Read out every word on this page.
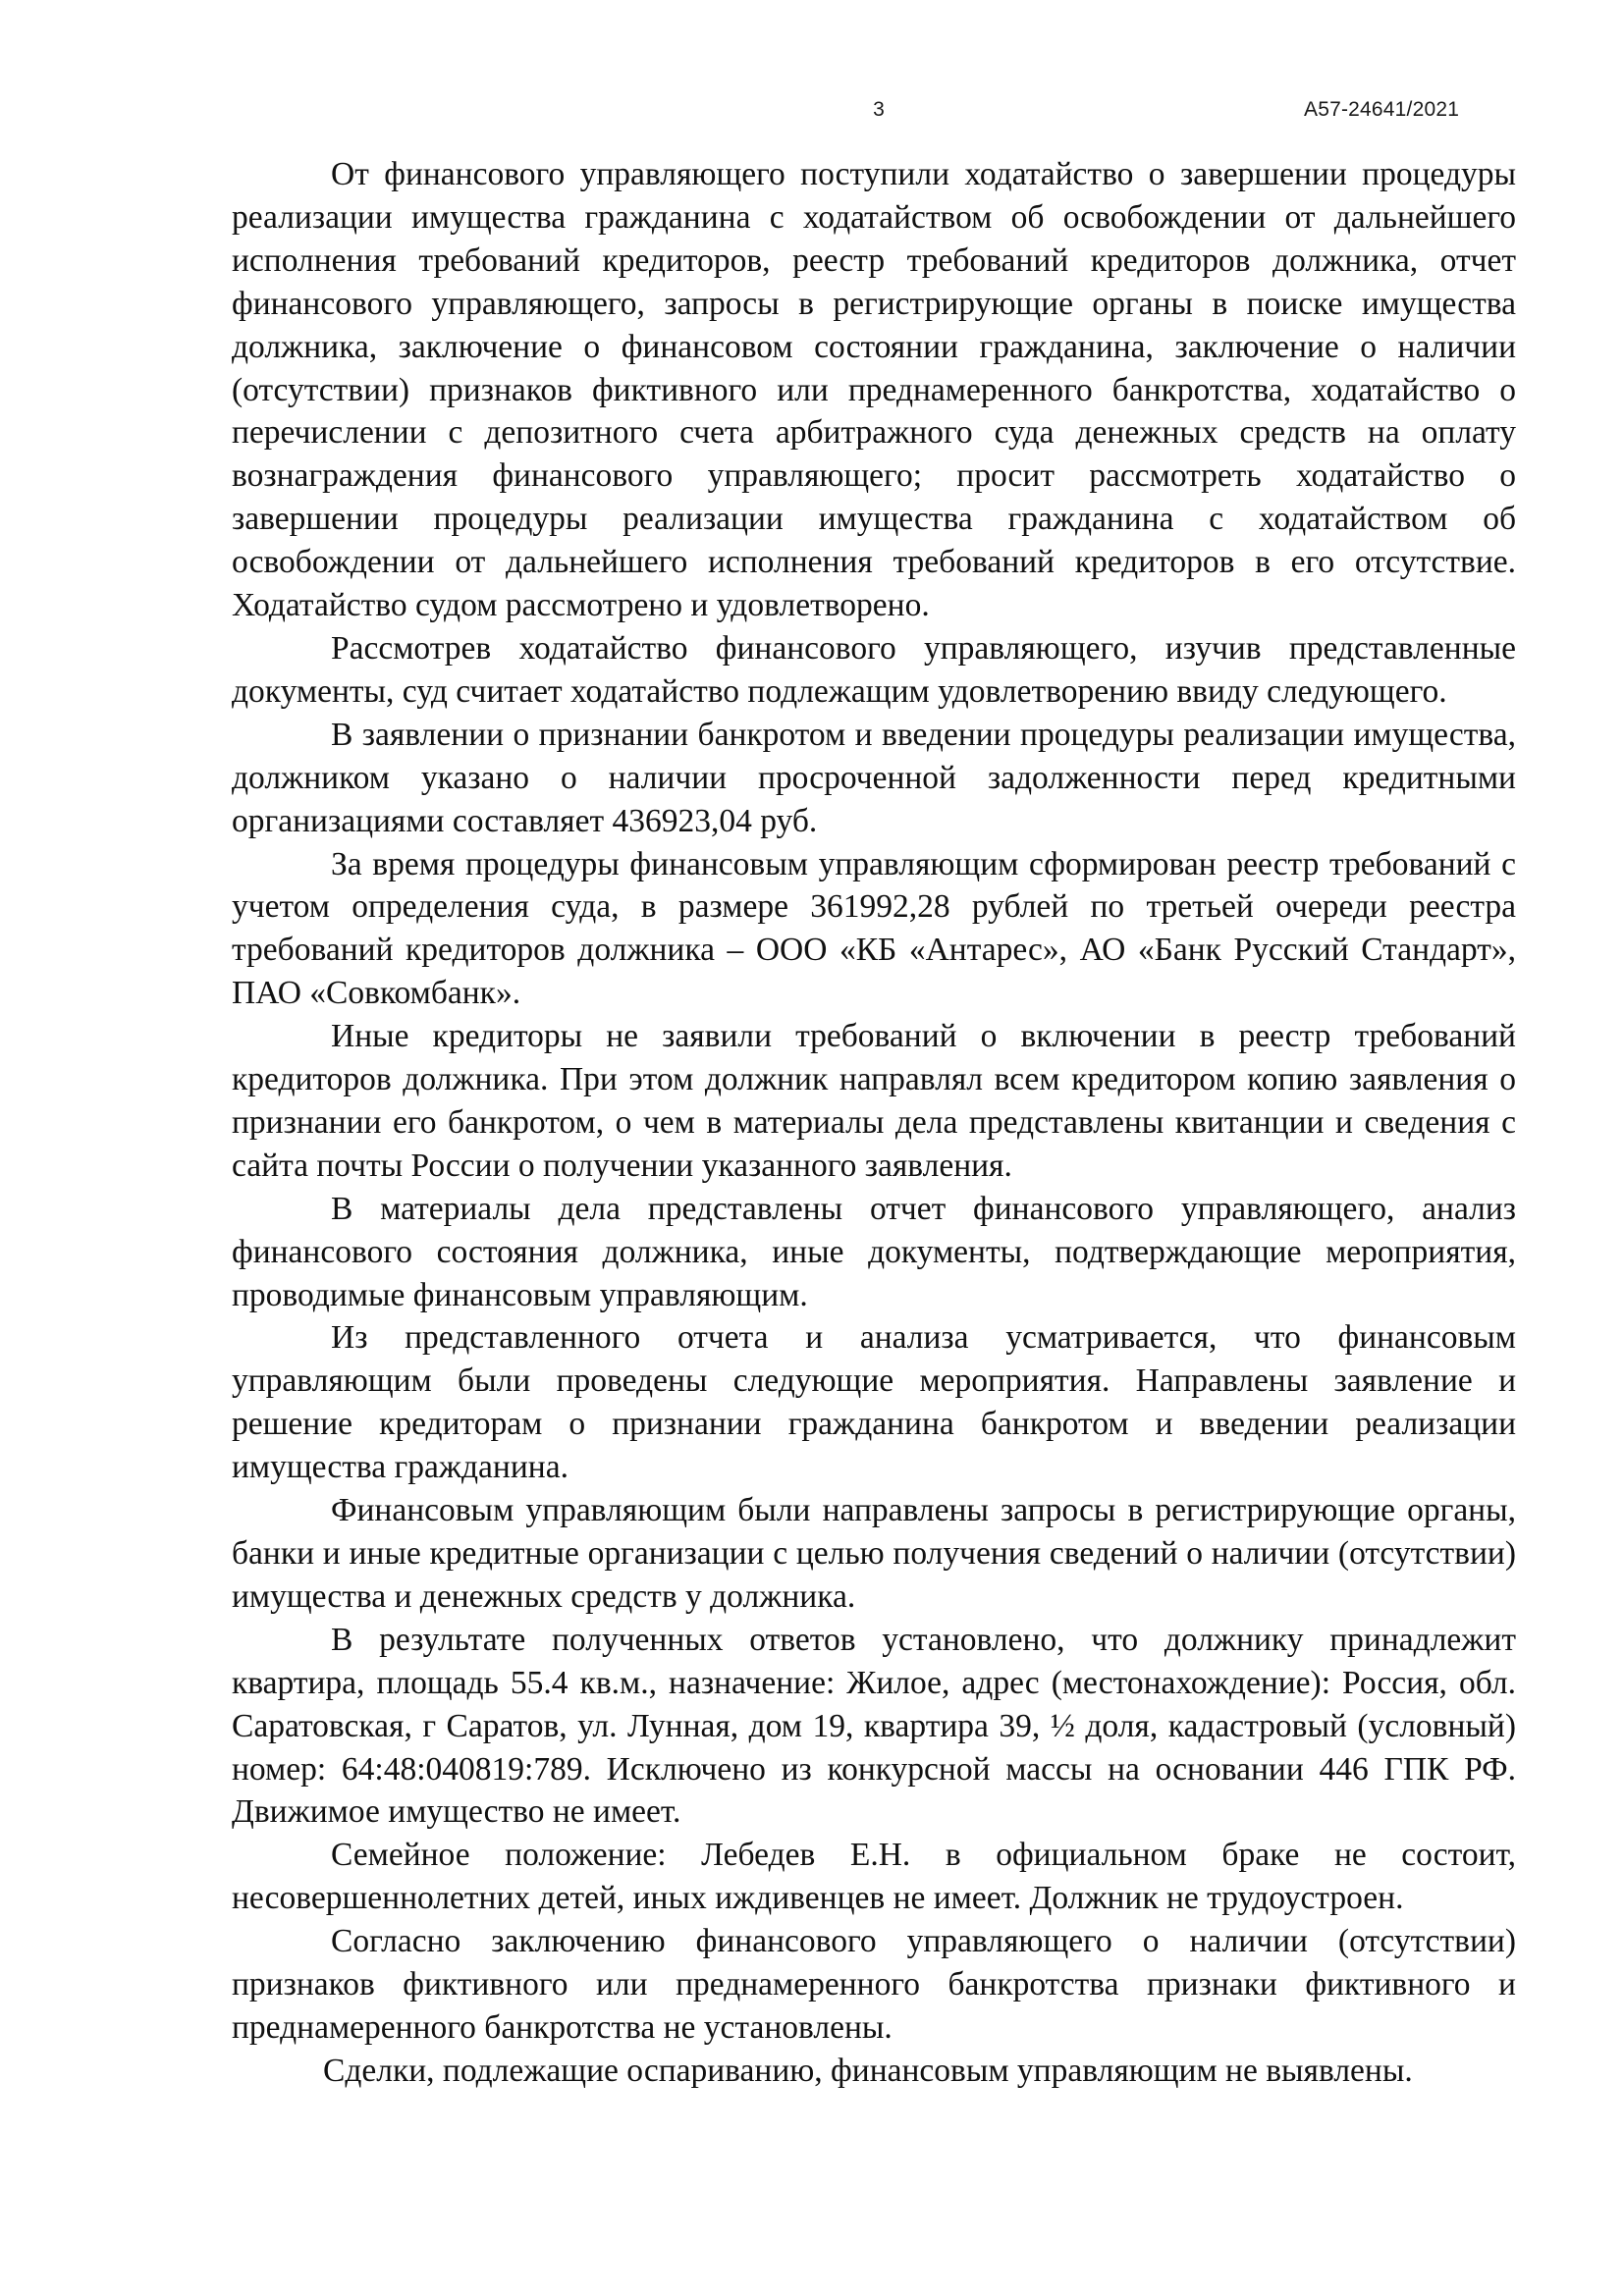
3	А57-24641/2021

От финансового управляющего поступили ходатайство о завершении процедуры реализации имущества гражданина с ходатайством об освобождении от дальнейшего исполнения требований кредиторов, реестр требований кредиторов должника, отчет финансового управляющего, запросы в регистрирующие органы в поиске имущества должника, заключение о финансовом состоянии гражданина, заключение о наличии (отсутствии) признаков фиктивного или преднамеренного банкротства, ходатайство о перечислении с депозитного счета арбитражного суда денежных средств на оплату вознаграждения финансового управляющего; просит рассмотреть ходатайство о завершении процедуры реализации имущества гражданина с ходатайством об освобождении от дальнейшего исполнения требований кредиторов в его отсутствие. Ходатайство судом рассмотрено и удовлетворено.

Рассмотрев ходатайство финансового управляющего, изучив представленные документы, суд считает ходатайство подлежащим удовлетворению ввиду следующего.

В заявлении о признании банкротом и введении процедуры реализации имущества, должником указано о наличии просроченной задолженности перед кредитными организациями составляет 436923,04 руб.

За время процедуры финансовым управляющим сформирован реестр требований с учетом определения суда, в размере 361992,28 рублей по третьей очереди реестра требований кредиторов должника – ООО «КБ «Антарес», АО «Банк Русский Стандарт», ПАО «Совкомбанк».

Иные кредиторы не заявили требований о включении в реестр требований кредиторов должника. При этом должник направлял всем кредитором копию заявления о признании его банкротом, о чем в материалы дела представлены квитанции и сведения с сайта почты России о получении указанного заявления.

В материалы дела представлены отчет финансового управляющего, анализ финансового состояния должника, иные документы, подтверждающие мероприятия, проводимые финансовым управляющим.

Из представленного отчета и анализа усматривается, что финансовым управляющим были проведены следующие мероприятия. Направлены заявление и решение кредиторам о признании гражданина банкротом и введении реализации имущества гражданина.

Финансовым управляющим были направлены запросы в регистрирующие органы, банки и иные кредитные организации с целью получения сведений о наличии (отсутствии) имущества и денежных средств у должника.

В результате полученных ответов установлено, что должнику принадлежит квартира, площадь 55.4 кв.м., назначение: Жилое, адрес (местонахождение): Россия, обл. Саратовская, г Саратов, ул. Лунная, дом 19, квартира 39, ½ доля, кадастровый (условный) номер: 64:48:040819:789. Исключено из конкурсной массы на основании 446 ГПК РФ. Движимое имущество не имеет.

Семейное положение: Лебедев Е.Н. в официальном браке не состоит, несовершеннолетних детей, иных иждивенцев не имеет. Должник не трудоустроен.

Согласно заключению финансового управляющего о наличии (отсутствии) признаков фиктивного или преднамеренного банкротства признаки фиктивного и преднамеренного банкротства не установлены.

Сделки, подлежащие оспариванию, финансовым управляющим не выявлены.
